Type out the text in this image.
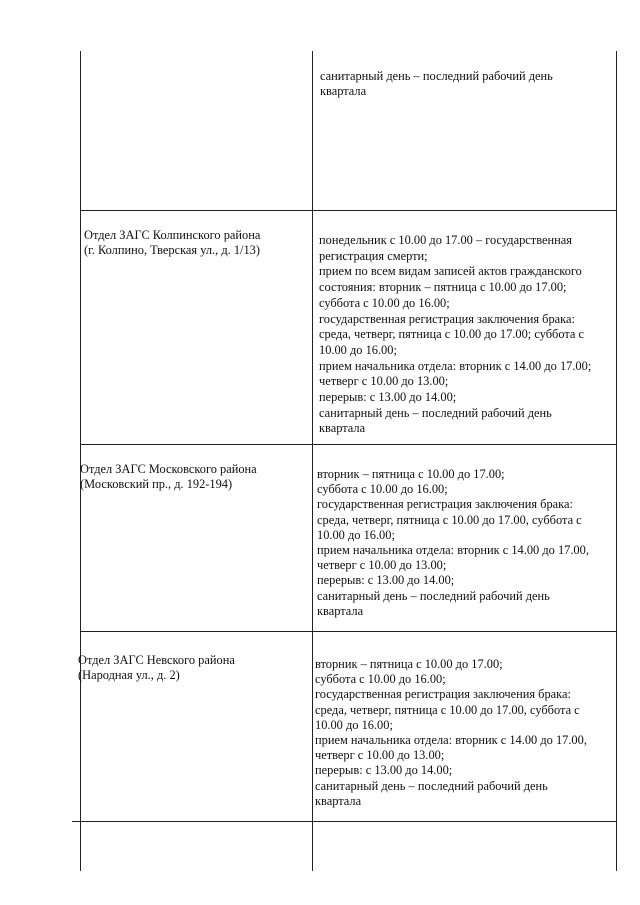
санитарный день – последний рабочий день
квартала
Отдел ЗАГС Колпинского района
(г. Колпино, Тверская ул., д. 1/13)
понедельник с 10.00 до 17.00 – государственная
регистрация смерти;
прием по всем видам записей актов гражданского
состояния: вторник – пятница с 10.00 до 17.00;
суббота с 10.00 до 16.00;
государственная регистрация заключения брака:
среда, четверг, пятница с 10.00 до 17.00; суббота с
10.00 до 16.00;
прием начальника отдела: вторник с 14.00 до 17.00;
четверг с 10.00 до 13.00;
перерыв: с 13.00 до 14.00;
санитарный день – последний рабочий день
квартала
Отдел ЗАГС Московского района
(Московский пр., д. 192-194)
вторник – пятница с 10.00 до 17.00;
суббота с 10.00 до 16.00;
государственная регистрация заключения брака:
среда, четверг, пятница с 10.00 до 17.00, суббота с
10.00 до 16.00;
прием начальника отдела: вторник с 14.00 до 17.00,
четверг с 10.00 до 13.00;
перерыв: с 13.00 до 14.00;
санитарный день – последний рабочий день
квартала
Отдел ЗАГС Невского района
(Народная ул., д. 2)
вторник – пятница с 10.00 до 17.00;
суббота с 10.00 до 16.00;
государственная регистрация заключения брака:
среда, четверг, пятница с 10.00 до 17.00, суббота с
10.00 до 16.00;
прием начальника отдела: вторник с 14.00 до 17.00,
четверг с 10.00 до 13.00;
перерыв: с 13.00 до 14.00;
санитарный день – последний рабочий день
квартала
